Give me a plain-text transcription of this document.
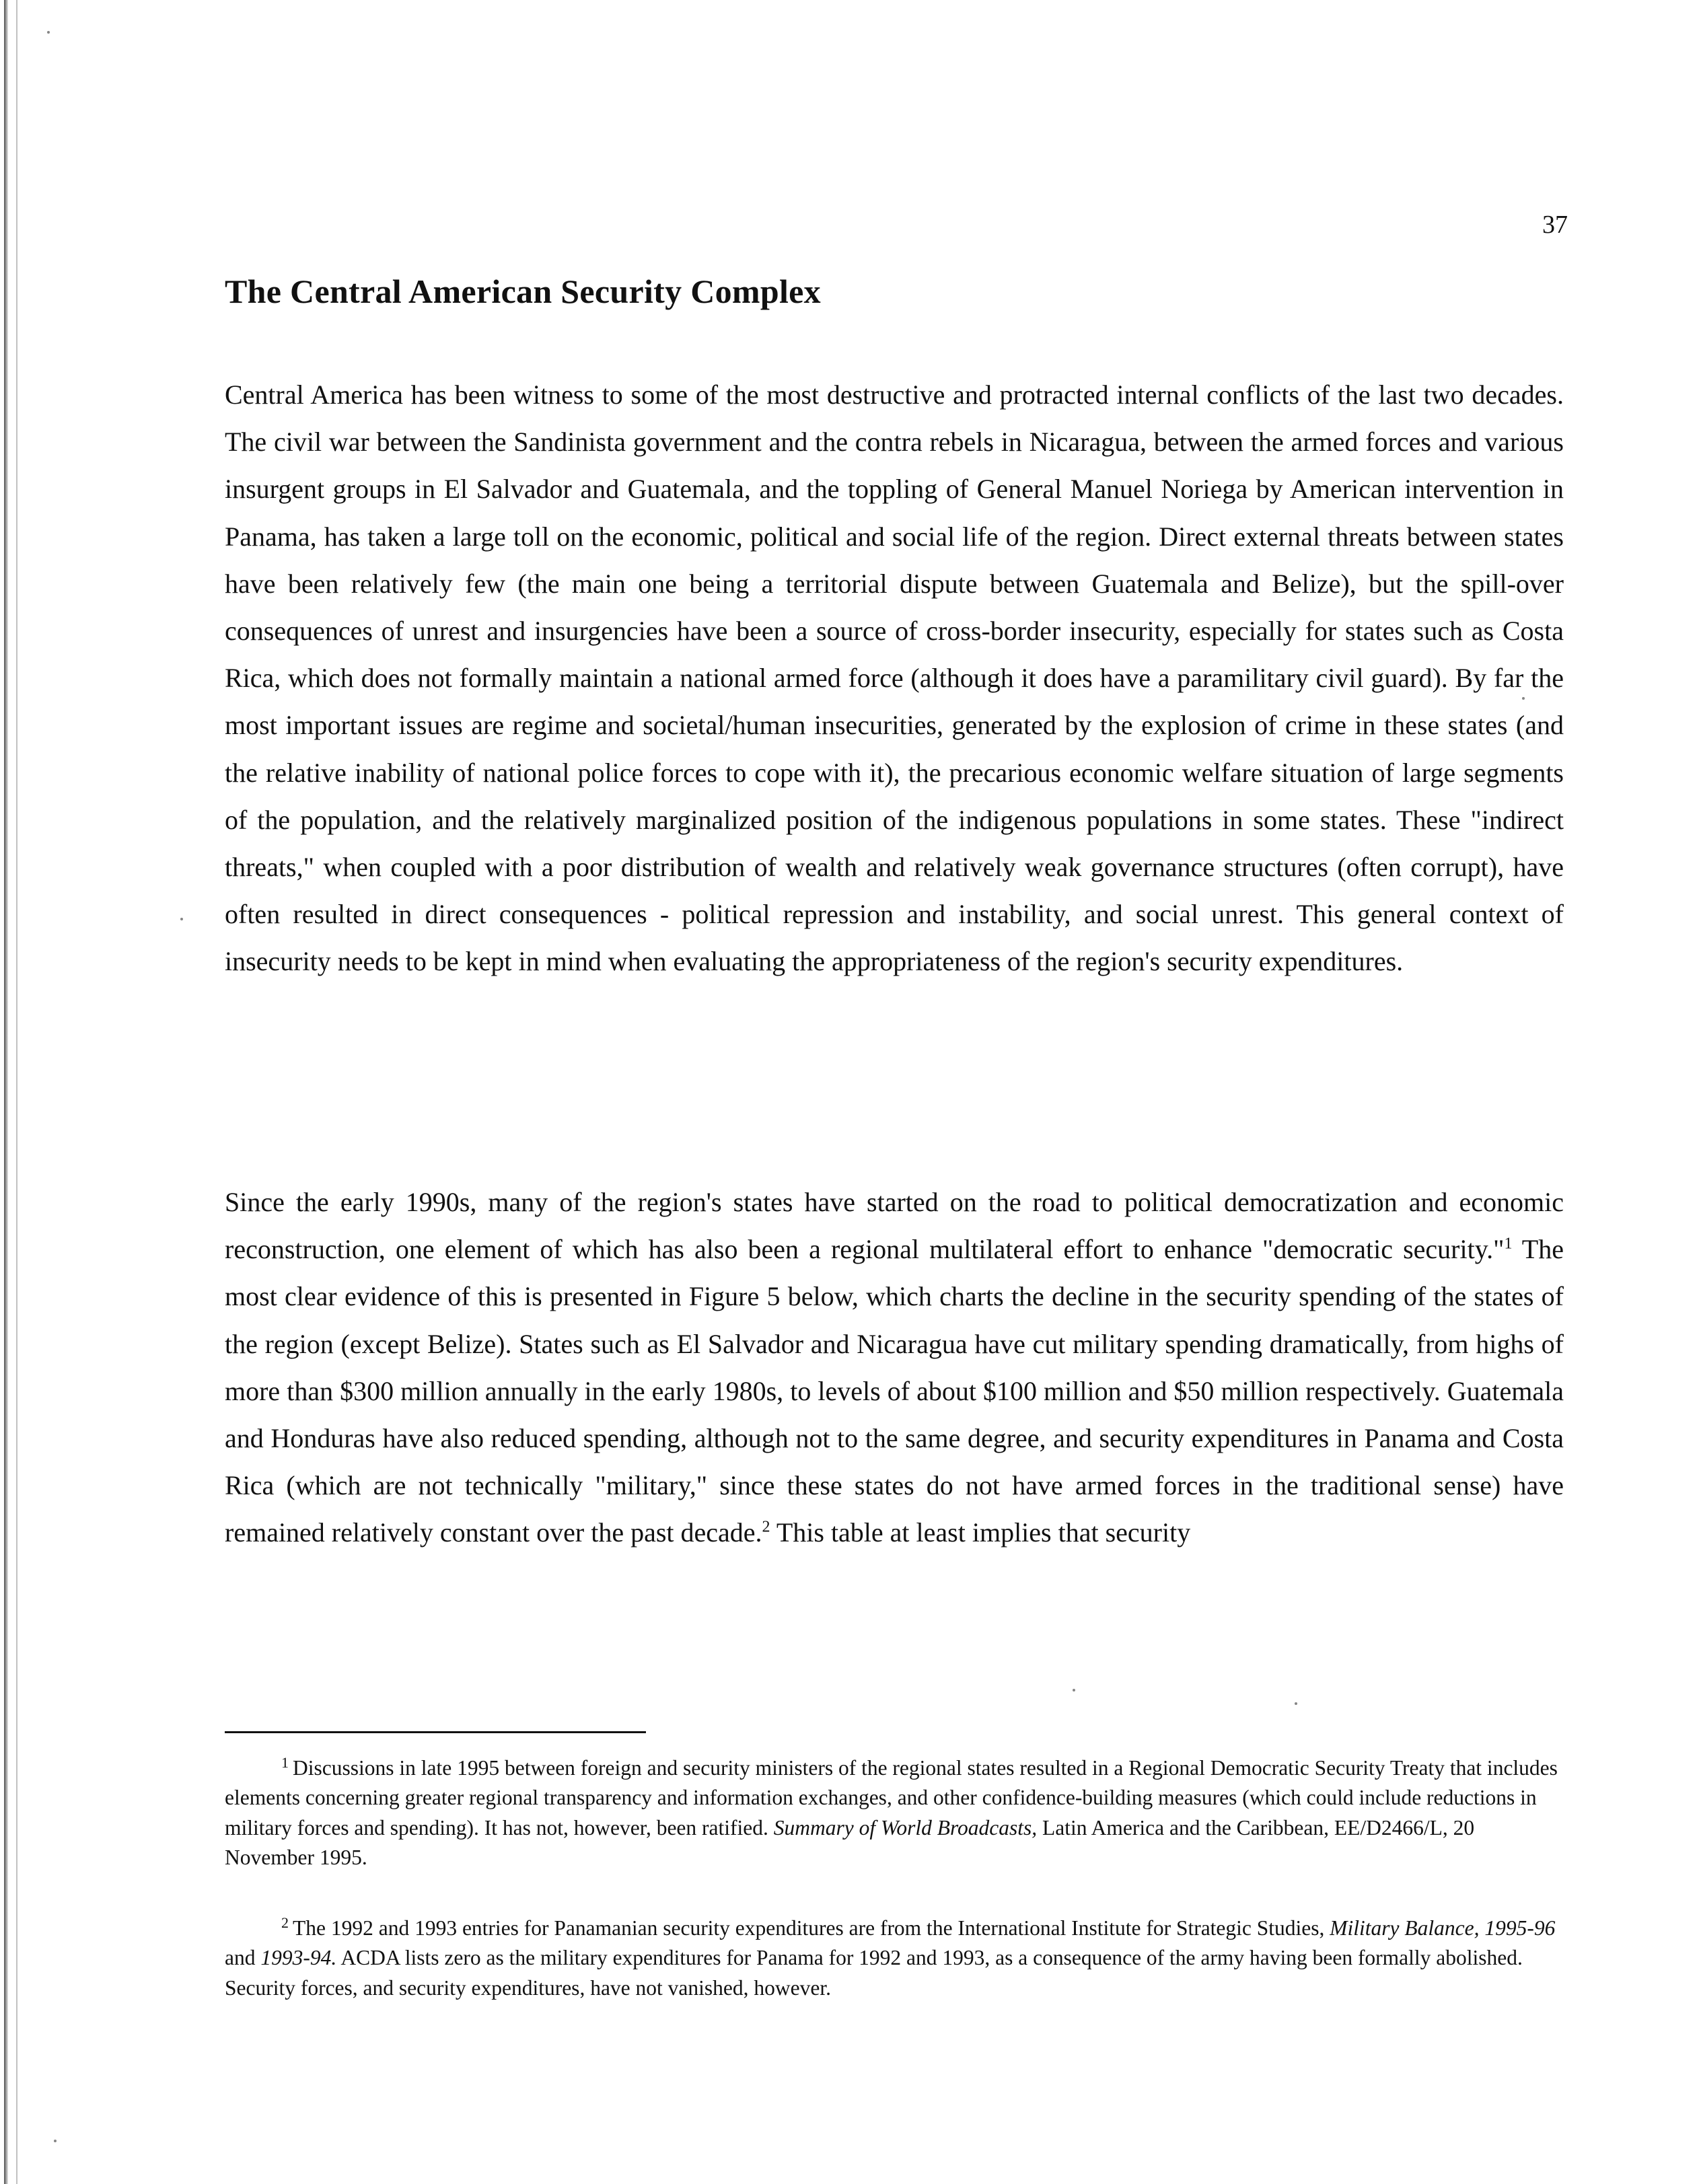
37
The Central American Security Complex

Central America has been witness to some of the most destructive and protracted internal conflicts of the last two decades. The civil war between the Sandinista government and the contra rebels in Nicaragua, between the armed forces and various insurgent groups in El Salvador and Guatemala, and the toppling of General Manuel Noriega by American intervention in Panama, has taken a large toll on the economic, political and social life of the region. Direct external threats between states have been relatively few (the main one being a territorial dispute between Guatemala and Belize), but the spill-over consequences of unrest and insurgencies have been a source of cross-border insecurity, especially for states such as Costa Rica, which does not formally maintain a national armed force (although it does have a paramilitary civil guard). By far the most important issues are regime and societal/human insecurities, generated by the explosion of crime in these states (and the relative inability of national police forces to cope with it), the precarious economic welfare situation of large segments of the population, and the relatively marginalized position of the indigenous populations in some states. These "indirect threats," when coupled with a poor distribution of wealth and relatively weak governance structures (often corrupt), have often resulted in direct consequences - political repression and instability, and social unrest. This general context of insecurity needs to be kept in mind when evaluating the appropriateness of the region's security expenditures.

Since the early 1990s, many of the region's states have started on the road to political democratization and economic reconstruction, one element of which has also been a regional multilateral effort to enhance "democratic security."$^1$ The most clear evidence of this is presented in Figure 5 below, which charts the decline in the security spending of the states of the region (except Belize). States such as El Salvador and Nicaragua have cut military spending dramatically, from highs of more than $300 million annually in the early 1980s, to levels of about $100 million and $50 million respectively. Guatemala and Honduras have also reduced spending, although not to the same degree, and security expenditures in Panama and Costa Rica (which are not technically "military," since these states do not have armed forces in the traditional sense) have remained relatively constant over the past decade.$^2$ This table at least implies that security

$^1$ Discussions in late 1995 between foreign and security ministers of the regional states resulted in a Regional Democratic Security Treaty that includes elements concerning greater regional transparency and information exchanges, and other confidence-building measures (which could include reductions in military forces and spending). It has not, however, been ratified. Summary of World Broadcasts, Latin America and the Caribbean, EE/D2466/L, 20 November 1995.

$^2$ The 1992 and 1993 entries for Panamanian security expenditures are from the International Institute for Strategic Studies, Military Balance, 1995-96 and 1993-94. ACDA lists zero as the military expenditures for Panama for 1992 and 1993, as a consequence of the army having been formally abolished. Security forces, and security expenditures, have not vanished, however.
